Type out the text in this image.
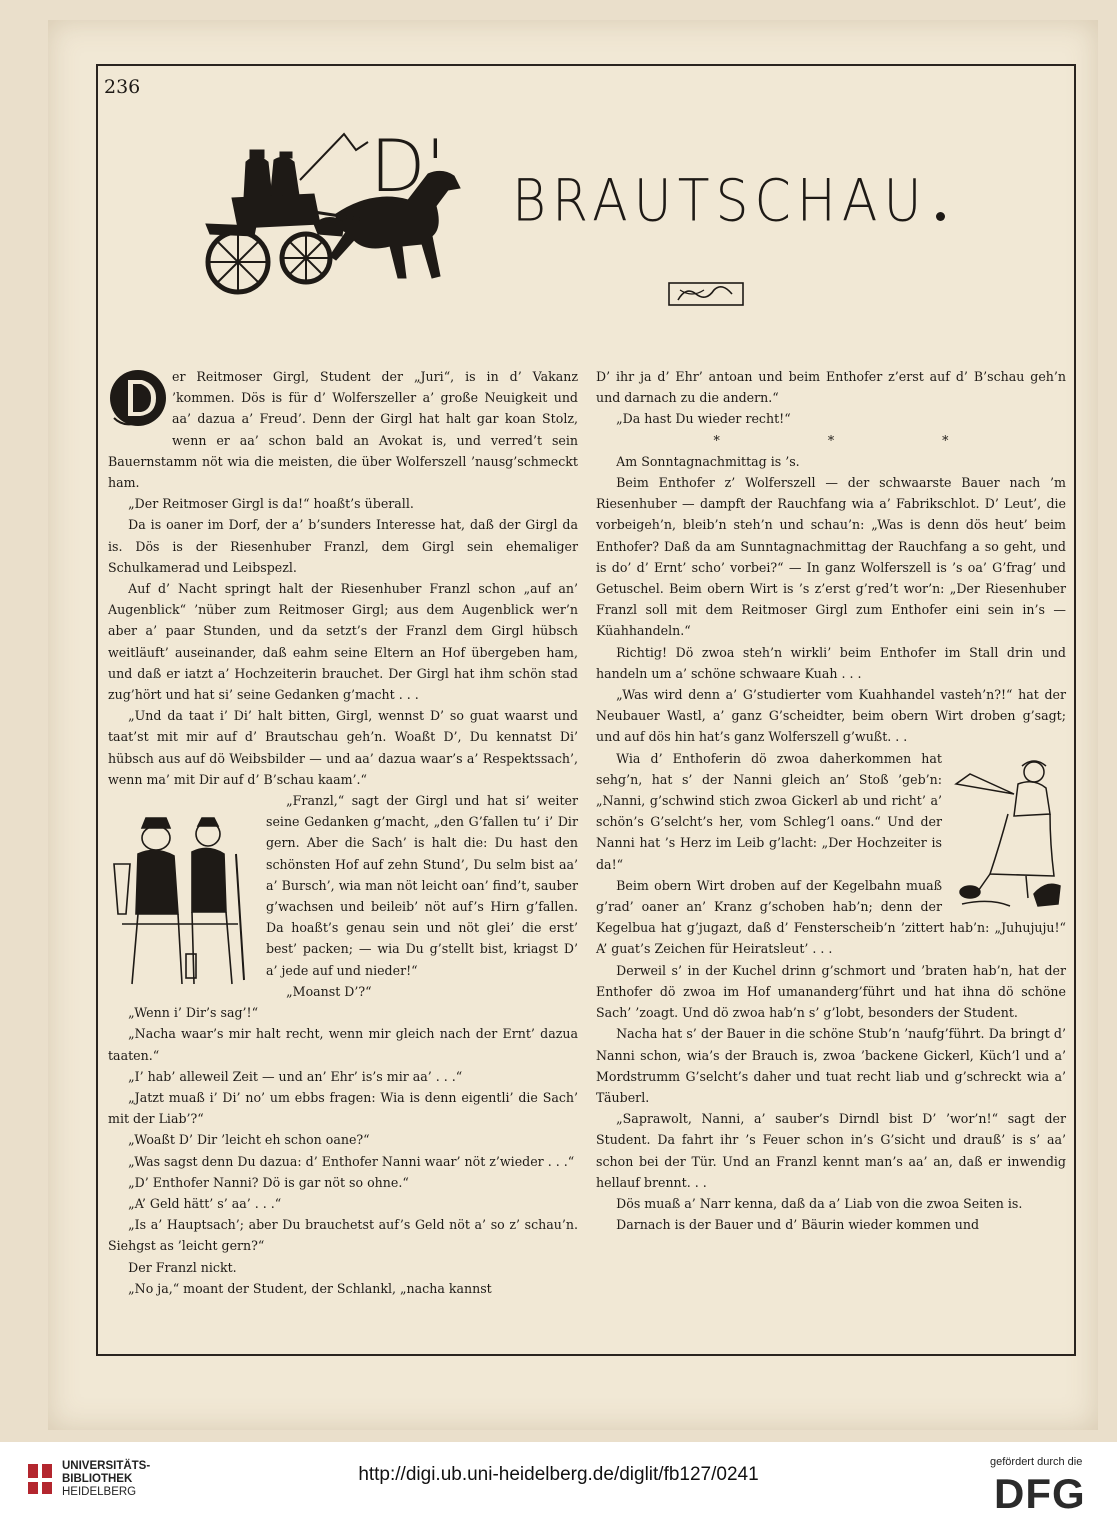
236
D' BRAUTSCHAU

er Reitmoser Girgl, Student der „Juri“, is in d’ Vakanz ’kommen. Dös is für d’ Wolferszeller a’ große Neuigkeit und aa’ dazua a’ Freud’. Denn der Girgl hat halt gar koan Stolz, wenn er aa’ schon bald an Avokat is, und verred’t sein Bauernstamm nöt wia die meisten, die über Wolferszell ’nausg’schmeckt ham.

„Der Reitmoser Girgl is da!“ hoaßt’s überall.

Da is oaner im Dorf, der a’ b’sunders Interesse hat, daß der Girgl da is. Dös is der Riesenhuber Franzl, dem Girgl sein ehemaliger Schulkamerad und Leibspezl.

Auf d’ Nacht springt halt der Riesenhuber Franzl schon „auf an’ Augenblick“ ’nüber zum Reitmoser Girgl; aus dem Augenblick wer’n aber a’ paar Stunden, und da setzt’s der Franzl dem Girgl hübsch weitläuft’ auseinander, daß eahm seine Eltern an Hof übergeben ham, und daß er iatzt a’ Hochzeiterin brauchet. Der Girgl hat ihm schön stad zug’hört und hat si’ seine Gedanken g’macht . . .

„Und da taat i’ Di’ halt bitten, Girgl, wennst D’ so guat waarst und taat’st mit mir auf d’ Brautschau geh’n. Woaßt D’, Du kennatst Di’ hübsch aus auf dö Weibsbilder — und aa’ dazua waar’s a’ Respektssach’, wenn ma’ mit Dir auf d’ B’schau kaam’.“

„Franzl,“ sagt der Girgl und hat si’ weiter seine Gedanken g’macht, „den G’fallen tu’ i’ Dir gern. Aber die Sach’ is halt die: Du hast den schönsten Hof auf zehn Stund’, Du selm bist aa’ a’ Bursch’, wia man nöt leicht oan’ find’t, sauber g’wachsen und beileib’ nöt auf’s Hirn g’fallen. Da hoaßt’s genau sein und nöt glei’ die erst’ best’ packen; — wia Du g’stellt bist, kriagst D’ a’ jede auf und nieder!“

„Moanst D’?“

„Wenn i’ Dir’s sag’!“

„Nacha waar’s mir halt recht, wenn mir gleich nach der Ernt’ dazua taaten.“

„I’ hab’ alleweil Zeit — und an’ Ehr’ is’s mir aa’ . . .“

„Jatzt muaß i’ Di’ no’ um ebbs fragen: Wia is denn eigentli’ die Sach’ mit der Liab’?“

„Woaßt D’ Dir ’leicht eh schon oane?“

„Was sagst denn Du dazua: d’ Enthofer Nanni waar’ nöt z’wieder . . .“

„D’ Enthofer Nanni? Dö is gar nöt so ohne.“

„A’ Geld hätt’ s’ aa’ . . .“

„Is a’ Hauptsach’; aber Du brauchetst auf’s Geld nöt a’ so z’ schau’n. Siehgst as ’leicht gern?“

Der Franzl nickt.

„No ja,“ moant der Student, der Schlankl, „nacha kannst

D’ ihr ja d’ Ehr’ antoan und beim Enthofer z’erst auf d’ B’schau geh’n und darnach zu die andern.“

„Da hast Du wieder recht!“

* * *

Am Sonntagnachmittag is ’s.

Beim Enthofer z’ Wolferszell — der schwaarste Bauer nach ’m Riesenhuber — dampft der Rauchfang wia a’ Fabrikschlot. D’ Leut’, die vorbeigeh’n, bleib’n steh’n und schau’n: „Was is denn dös heut’ beim Enthofer? Daß da am Sunntagnachmittag der Rauchfang a so geht, und is do’ d’ Ernt’ scho’ vorbei?“ — In ganz Wolferszell is ’s oa’ G’frag’ und Getuschel. Beim obern Wirt is ’s z’erst g’red’t wor’n: „Der Riesenhuber Franzl soll mit dem Reitmoser Girgl zum Enthofer eini sein in’s — Küahhandeln.“

Richtig! Dö zwoa steh’n wirkli’ beim Enthofer im Stall drin und handeln um a’ schöne schwaare Kuah . . .

„Was wird denn a’ G’studierter vom Kuahhandel vasteh’n?!“ hat der Neubauer Wastl, a’ ganz G’scheidter, beim obern Wirt droben g’sagt; und auf dös hin hat’s ganz Wolferszell g’wußt. . .

Wia d’ Enthoferin dö zwoa daherkommen hat sehg’n, hat s’ der Nanni gleich an’ Stoß ’geb’n: „Nanni, g’schwind stich zwoa Gickerl ab und richt’ a’ schön’s G’selcht’s her, vom Schleg’l oans.“ Und der Nanni hat ’s Herz im Leib g’lacht: „Der Hochzeiter is da!“

Beim obern Wirt droben auf der Kegelbahn muaß g’rad’ oaner an’ Kranz g’schoben hab’n; denn der Kegelbua hat g’jugazt, daß d’ Fensterscheib’n ’zittert hab’n: „Juhujuju!“ A’ guat’s Zeichen für Heiratsleut’ . . .

Derweil s’ in der Kuchel drinn g’schmort und ’braten hab’n, hat der Enthofer dö zwoa im Hof umananderg’führt und hat ihna dö schöne Sach’ ’zoagt. Und dö zwoa hab’n s’ g’lobt, besonders der Student.

Nacha hat s’ der Bauer in die schöne Stub’n ’naufg’führt. Da bringt d’ Nanni schon, wia’s der Brauch is, zwoa ’backene Gickerl, Küch’l und a’ Mordstrumm G’selcht’s daher und tuat recht liab und g’schreckt wia a’ Täuberl.

„Saprawolt, Nanni, a’ sauber’s Dirndl bist D’ ’wor’n!“ sagt der Student. Da fahrt ihr ’s Feuer schon in’s G’sicht und drauß’ is s’ aa’ schon bei der Tür. Und an Franzl kennt man’s aa’ an, daß er inwendig hellauf brennt. . .

Dös muaß a’ Narr kenna, daß da a’ Liab von die zwoa Seiten is.

Darnach is der Bauer und d’ Bäurin wieder kommen und

UNIVERSITÄTS-
BIBLIOTHEK
HEIDELBERG
http://digi.ub.uni-heidelberg.de/diglit/fb127/0241
gefördert durch die
DFG
